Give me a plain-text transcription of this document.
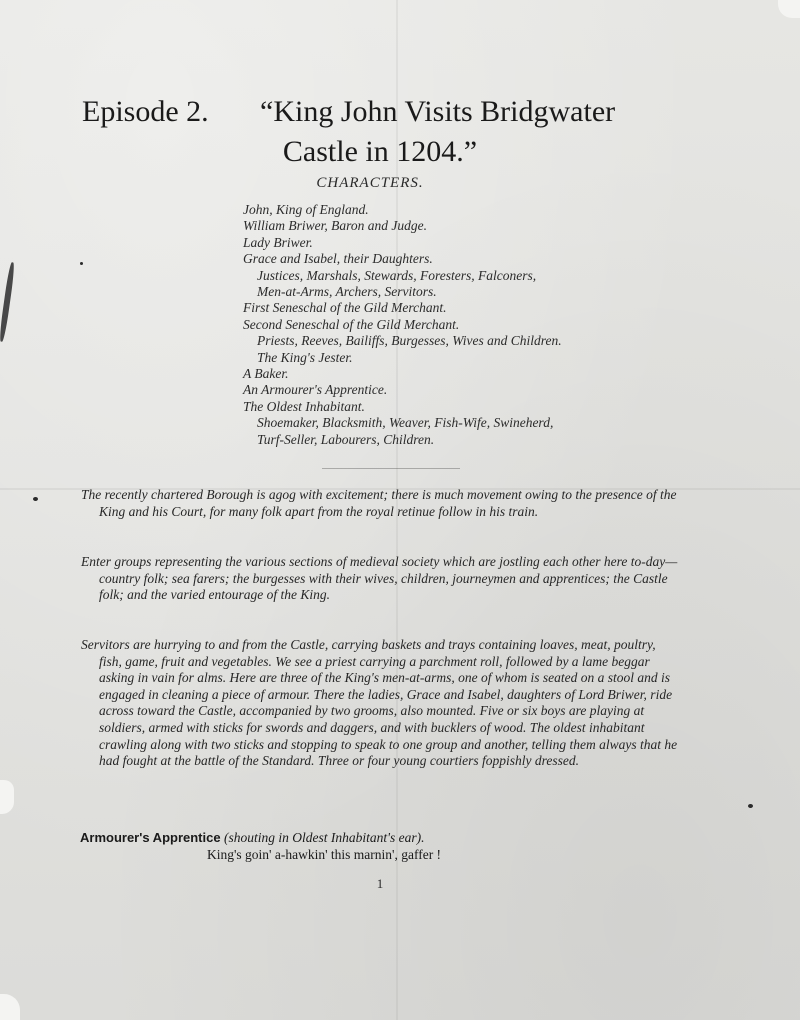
Episode 2. “King John Visits Bridgwater
Castle in 1204.”
CHARACTERS.
John, King of England.
William Briwer, Baron and Judge.
Lady Briwer.
Grace and Isabel, their Daughters.
Justices, Marshals, Stewards, Foresters, Falconers,
Men-at-Arms, Archers, Servitors.
First Seneschal of the Gild Merchant.
Second Seneschal of the Gild Merchant.
Priests, Reeves, Bailiffs, Burgesses, Wives and Children.
The King's Jester.
A Baker.
An Armourer's Apprentice.
The Oldest Inhabitant.
Shoemaker, Blacksmith, Weaver, Fish-Wife, Swineherd,
Turf-Seller, Labourers, Children.

The recently chartered Borough is agog with excitement; there is much movement owing to the presence of the King and his Court, for many folk apart from the royal retinue follow in his train.

Enter groups representing the various sections of medieval society which are jostling each other here to-day—country folk; sea farers; the burgesses with their wives, children, journeymen and apprentices; the Castle folk; and the varied entourage of the King.

Servitors are hurrying to and from the Castle, carrying baskets and trays containing loaves, meat, poultry, fish, game, fruit and vegetables. We see a priest carrying a parchment roll, followed by a lame beggar asking in vain for alms. Here are three of the King's men-at-arms, one of whom is seated on a stool and is engaged in cleaning a piece of armour. There the ladies, Grace and Isabel, daughters of Lord Briwer, ride across toward the Castle, accompanied by two grooms, also mounted. Five or six boys are playing at soldiers, armed with sticks for swords and daggers, and with bucklers of wood. The oldest inhabitant crawling along with two sticks and stopping to speak to one group and another, telling them always that he had fought at the battle of the Standard. Three or four young courtiers foppishly dressed.

Armourer's Apprentice (shouting in Oldest Inhabitant's ear).
King's goin' a-hawkin' this marnin', gaffer !
1
